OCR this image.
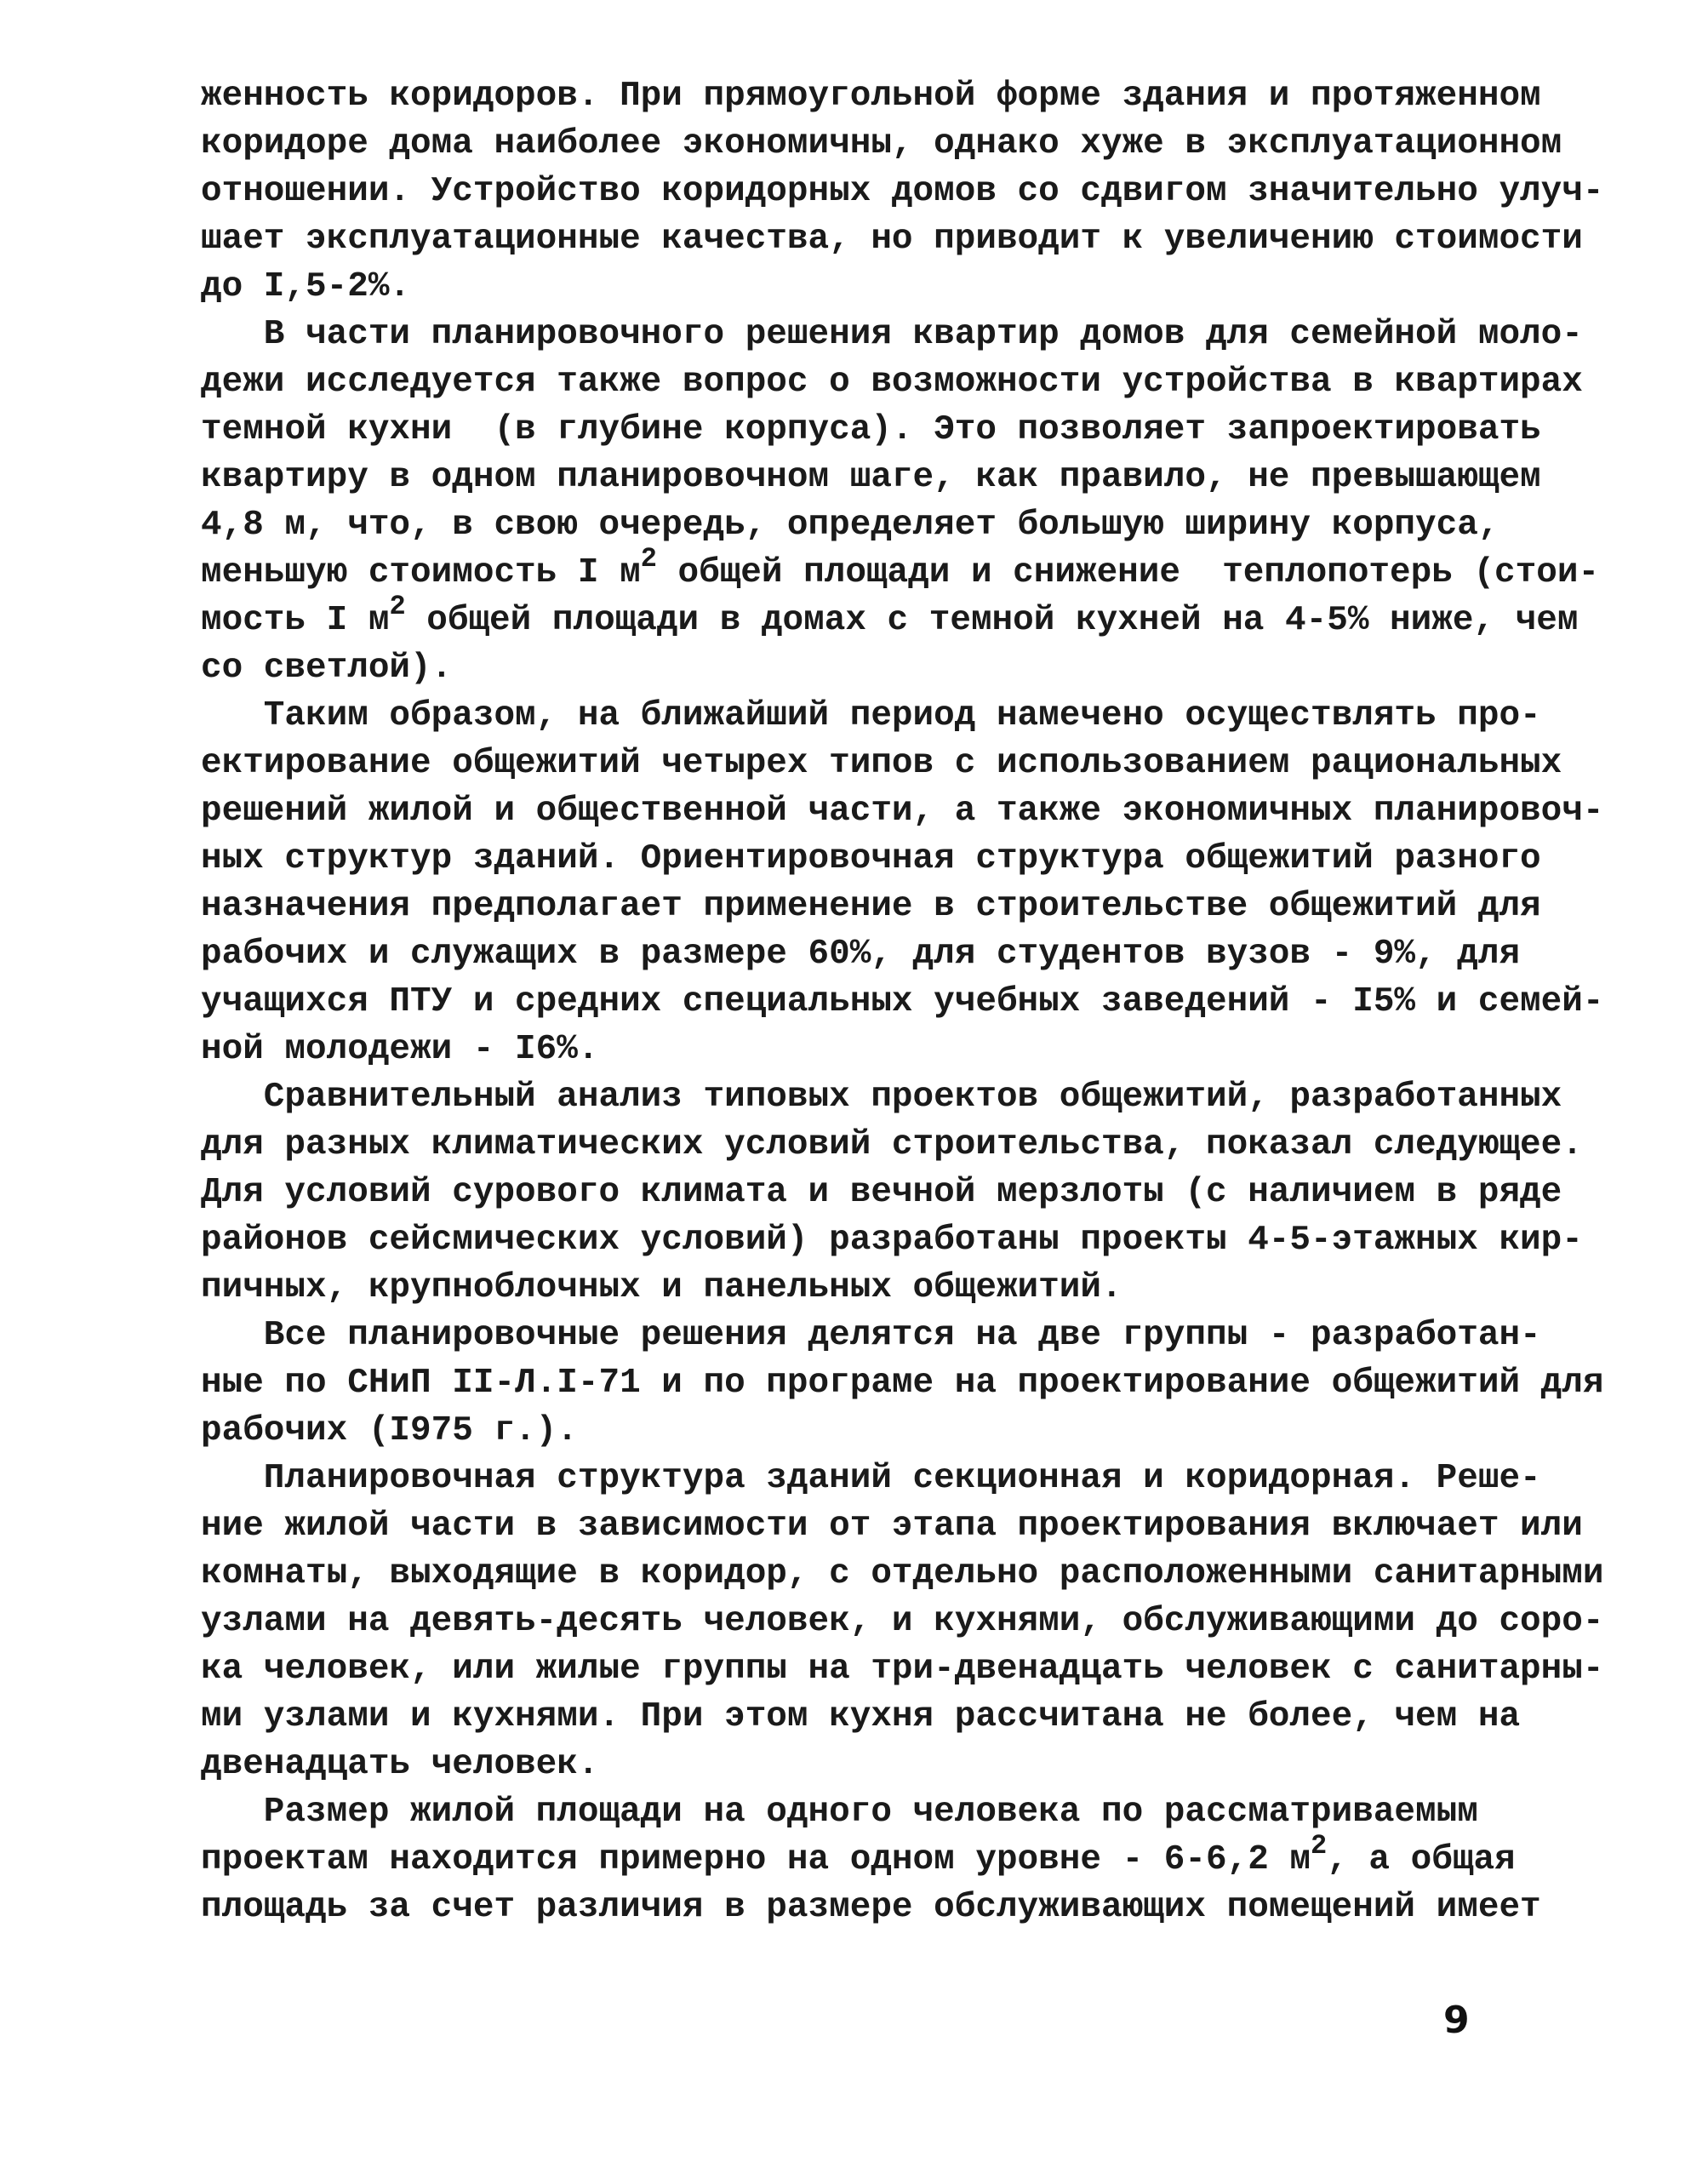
женность коридоров. При прямоугольной форме здания и протяженном
коридоре дома наиболее экономичны, однако хуже в эксплуатационном
отношении. Устройство коридорных домов со сдвигом значительно улуч-
шает эксплуатационные качества, но приводит к увеличению стоимости
до I,5-2%.
В части планировочного решения квартир домов для семейной моло-
дежи исследуется также вопрос о возможности устройства в квартирах
темной кухни  (в глубине корпуса). Это позволяет запроектировать
квартиру в одном планировочном шаге, как правило, не превышающем
4,8 м, что, в свою очередь, определяет большую ширину корпуса,
меньшую стоимость I $м^2$ общей площади и снижение  теплопотерь (стои-
мость I $м^2$ общей площади в домах с темной кухней на 4-5% ниже, чем
со светлой).
Таким образом, на ближайший период намечено осуществлять про-
ектирование общежитий четырех типов с использованием рациональных
решений жилой и общественной части, а также экономичных планировоч-
ных структур зданий. Ориентировочная структура общежитий разного
назначения предполагает применение в строительстве общежитий для
рабочих и служащих в размере 60%, для студентов вузов - 9%, для
учащихся ПТУ и средних специальных учебных заведений - I5% и семей-
ной молодежи - I6%.
Сравнительный анализ типовых проектов общежитий, разработанных
для разных климатических условий строительства, показал следующее.
Для условий сурового климата и вечной мерзлоты (с наличием в ряде
районов сейсмических условий) разработаны проекты 4-5-этажных кир-
пичных, крупноблочных и панельных общежитий.
Все планировочные решения делятся на две группы - разработан-
ные по СНиП II-Л.I-71 и по програме на проектирование общежитий для
рабочих (I975 г.).
Планировочная структура зданий секционная и коридорная. Реше-
ние жилой части в зависимости от этапа проектирования включает или
комнаты, выходящие в коридор, с отдельно расположенными санитарными
узлами на девять-десять человек, и кухнями, обслуживающими до соро-
ка человек, или жилые группы на три-двенадцать человек с санитарны-
ми узлами и кухнями. При этом кухня рассчитана не более, чем на
двенадцать человек.
Размер жилой площади на одного человека по рассматриваемым
проектам находится примерно на одном уровне - 6-6,2 $м^2$, а общая
площадь за счет различия в размере обслуживающих помещений имеет
9
